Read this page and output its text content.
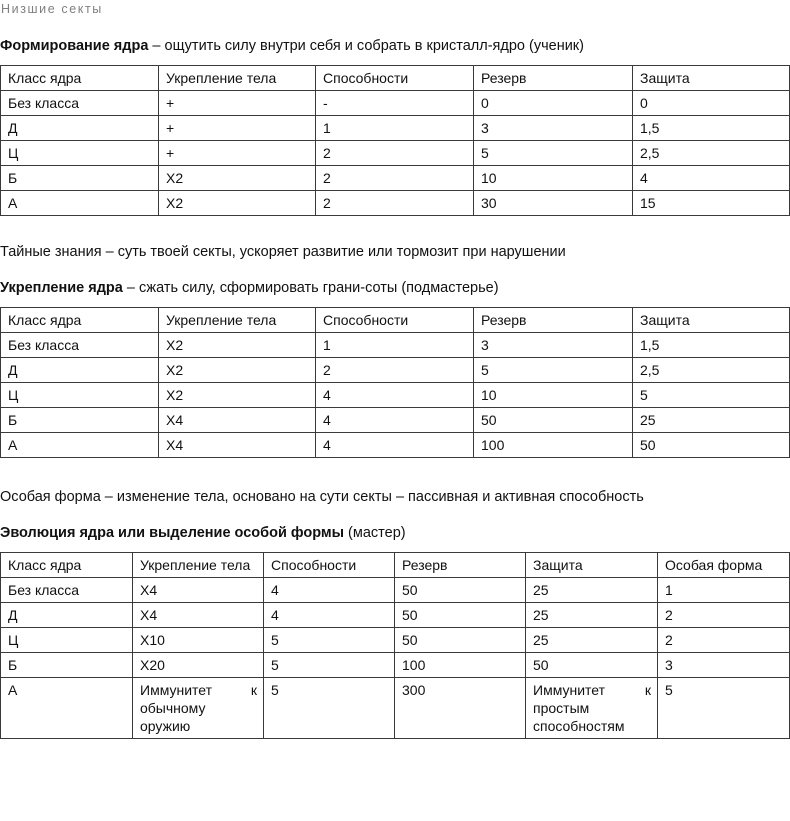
Низшие секты
Формирование ядра – ощутить силу внутри себя и собрать в кристалл-ядро (ученик)
Класс ядра	Укрепление тела	Способности	Резерв	Защита
Без класса	+	-	0	0
Д	+	1	3	1,5
Ц	+	2	5	2,5
Б	Х2	2	10	4
А	Х2	2	30	15
Тайные знания – суть твоей секты, ускоряет развитие или тормозит при нарушении
Укрепление ядра – сжать силу, сформировать грани-соты (подмастерье)
Класс ядра	Укрепление тела	Способности	Резерв	Защита
Без класса	Х2	1	3	1,5
Д	Х2	2	5	2,5
Ц	Х2	4	10	5
Б	Х4	4	50	25
А	Х4	4	100	50
Особая форма – изменение тела, основано на сути секты – пассивная и активная способность
Эволюция ядра или выделение особой формы (мастер)
Класс ядра	Укрепление тела	Способности	Резерв	Защита	Особая форма
Без класса	Х4	4	50	25	1
Д	Х4	4	50	25	2
Ц	Х10	5	50	25	2
Б	Х20	5	100	50	3
А	Иммунитет к обычному оружию	5	300	Иммунитет к простым способностям	5
